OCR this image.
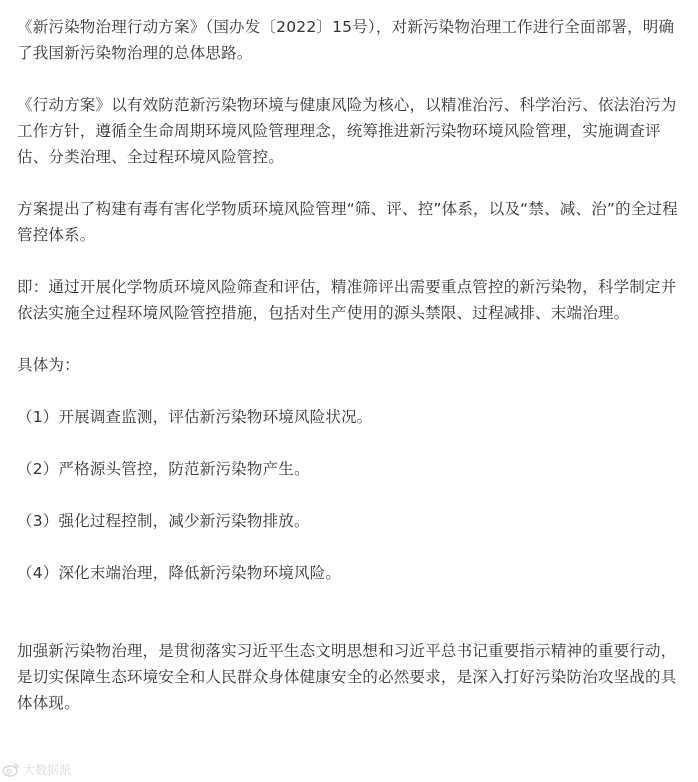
《新污染物治理行动方案》（国办发〔2022〕15号），对新污染物治理工作进行全面部署，明确了我国新污染物治理的总体思路。

《行动方案》以有效防范新污染物环境与健康风险为核心，以精准治污、科学治污、依法治污为工作方针，遵循全生命周期环境风险管理理念，统筹推进新污染物环境风险管理，实施调查评估、分类治理、全过程环境风险管控。

方案提出了构建有毒有害化学物质环境风险管理“筛、评、控”体系，以及“禁、减、治”的全过程管控体系。

即：通过开展化学物质环境风险筛查和评估，精准筛评出需要重点管控的新污染物，科学制定并依法实施全过程环境风险管控措施，包括对生产使用的源头禁限、过程减排、末端治理。

具体为：

（1）开展调查监测，评估新污染物环境风险状况。

（2）严格源头管控，防范新污染物产生。

（3）强化过程控制，减少新污染物排放。

（4）深化末端治理，降低新污染物环境风险。

加强新污染物治理，是贯彻落实习近平生态文明思想和习近平总书记重要指示精神的重要行动，是切实保障生态环境安全和人民群众身体健康安全的必然要求，是深入打好污染防治攻坚战的具体体现。

大数据派
